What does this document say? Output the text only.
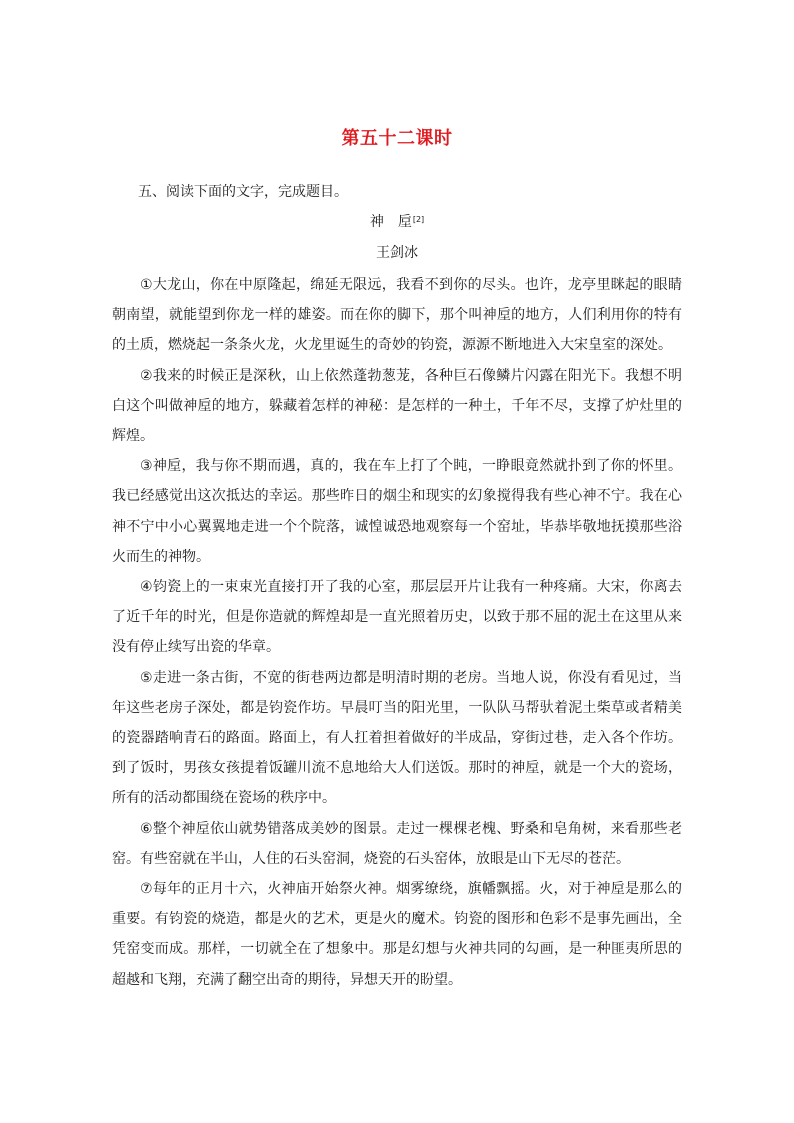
第五十二课时
五、阅读下面的文字，完成题目。
神　垕[2]
王剑冰

①大龙山，你在中原隆起，绵延无限远，我看不到你的尽头。也许，龙亭里眯起的眼睛朝南望，就能望到你龙一样的雄姿。而在你的脚下，那个叫神垕的地方，人们利用你的特有的土质，燃烧起一条条火龙，火龙里诞生的奇妙的钧瓷，源源不断地进入大宋皇室的深处。

②我来的时候正是深秋，山上依然蓬勃葱茏，各种巨石像鳞片闪露在阳光下。我想不明白这个叫做神垕的地方，躲藏着怎样的神秘：是怎样的一种土，千年不尽，支撑了炉灶里的辉煌。

③神垕，我与你不期而遇，真的，我在车上打了个盹，一睁眼竟然就扑到了你的怀里。我已经感觉出这次抵达的幸运。那些昨日的烟尘和现实的幻象搅得我有些心神不宁。我在心神不宁中小心翼翼地走进一个个院落，诚惶诚恐地观察每一个窑址，毕恭毕敬地抚摸那些浴火而生的神物。

④钧瓷上的一束束光直接打开了我的心室，那层层开片让我有一种疼痛。大宋，你离去了近千年的时光，但是你造就的辉煌却是一直光照着历史，以致于那不屈的泥土在这里从来没有停止续写出瓷的华章。

⑤走进一条古街，不宽的街巷两边都是明清时期的老房。当地人说，你没有看见过，当年这些老房子深处，都是钧瓷作坊。早晨叮当的阳光里，一队队马帮驮着泥土柴草或者精美的瓷器踏响青石的路面。路面上，有人扛着担着做好的半成品，穿街过巷，走入各个作坊。到了饭时，男孩女孩提着饭罐川流不息地给大人们送饭。那时的神垕，就是一个大的瓷场，所有的活动都围绕在瓷场的秩序中。

⑥整个神垕依山就势错落成美妙的图景。走过一棵棵老槐、野桑和皂角树，来看那些老窑。有些窑就在半山，人住的石头窑洞，烧瓷的石头窑体，放眼是山下无尽的苍茫。

⑦每年的正月十六，火神庙开始祭火神。烟雾缭绕，旗幡飘摇。火，对于神垕是那么的重要。有钧瓷的烧造，都是火的艺术，更是火的魔术。钧瓷的图形和色彩不是事先画出，全凭窑变而成。那样，一切就全在了想象中。那是幻想与火神共同的勾画，是一种匪夷所思的超越和飞翔，充满了翻空出奇的期待，异想天开的盼望。
